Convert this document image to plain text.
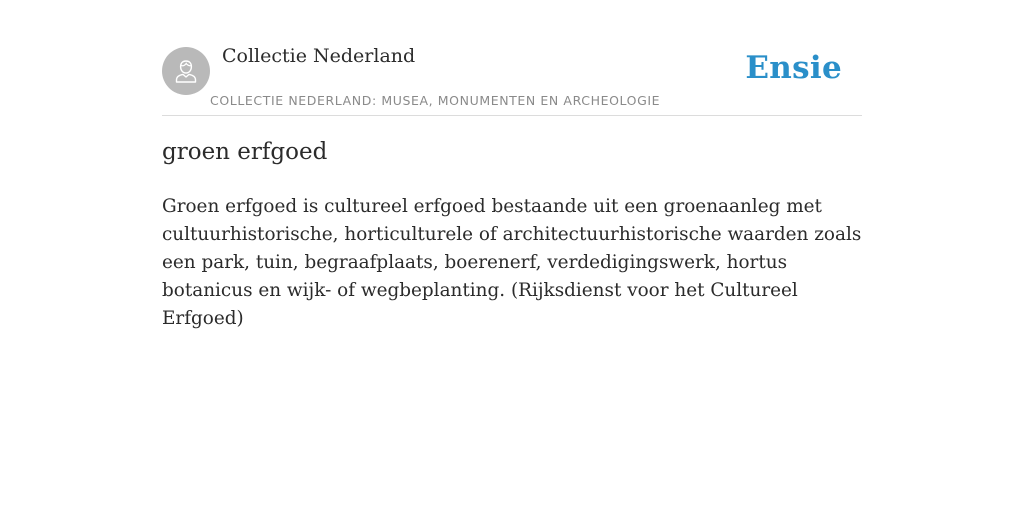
Collectie Nederland
COLLECTIE NEDERLAND: MUSEA, MONUMENTEN EN ARCHEOLOGIE
Ensie
groen erfgoed

Groen erfgoed is cultureel erfgoed bestaande uit een groenaanleg met cultuurhistorische, horticulturele of architectuurhistorische waarden zoals een park, tuin, begraafplaats, boerenerf, verdedigingswerk, hortus botanicus en wijk- of wegbeplanting. (Rijksdienst voor het Cultureel Erfgoed)
